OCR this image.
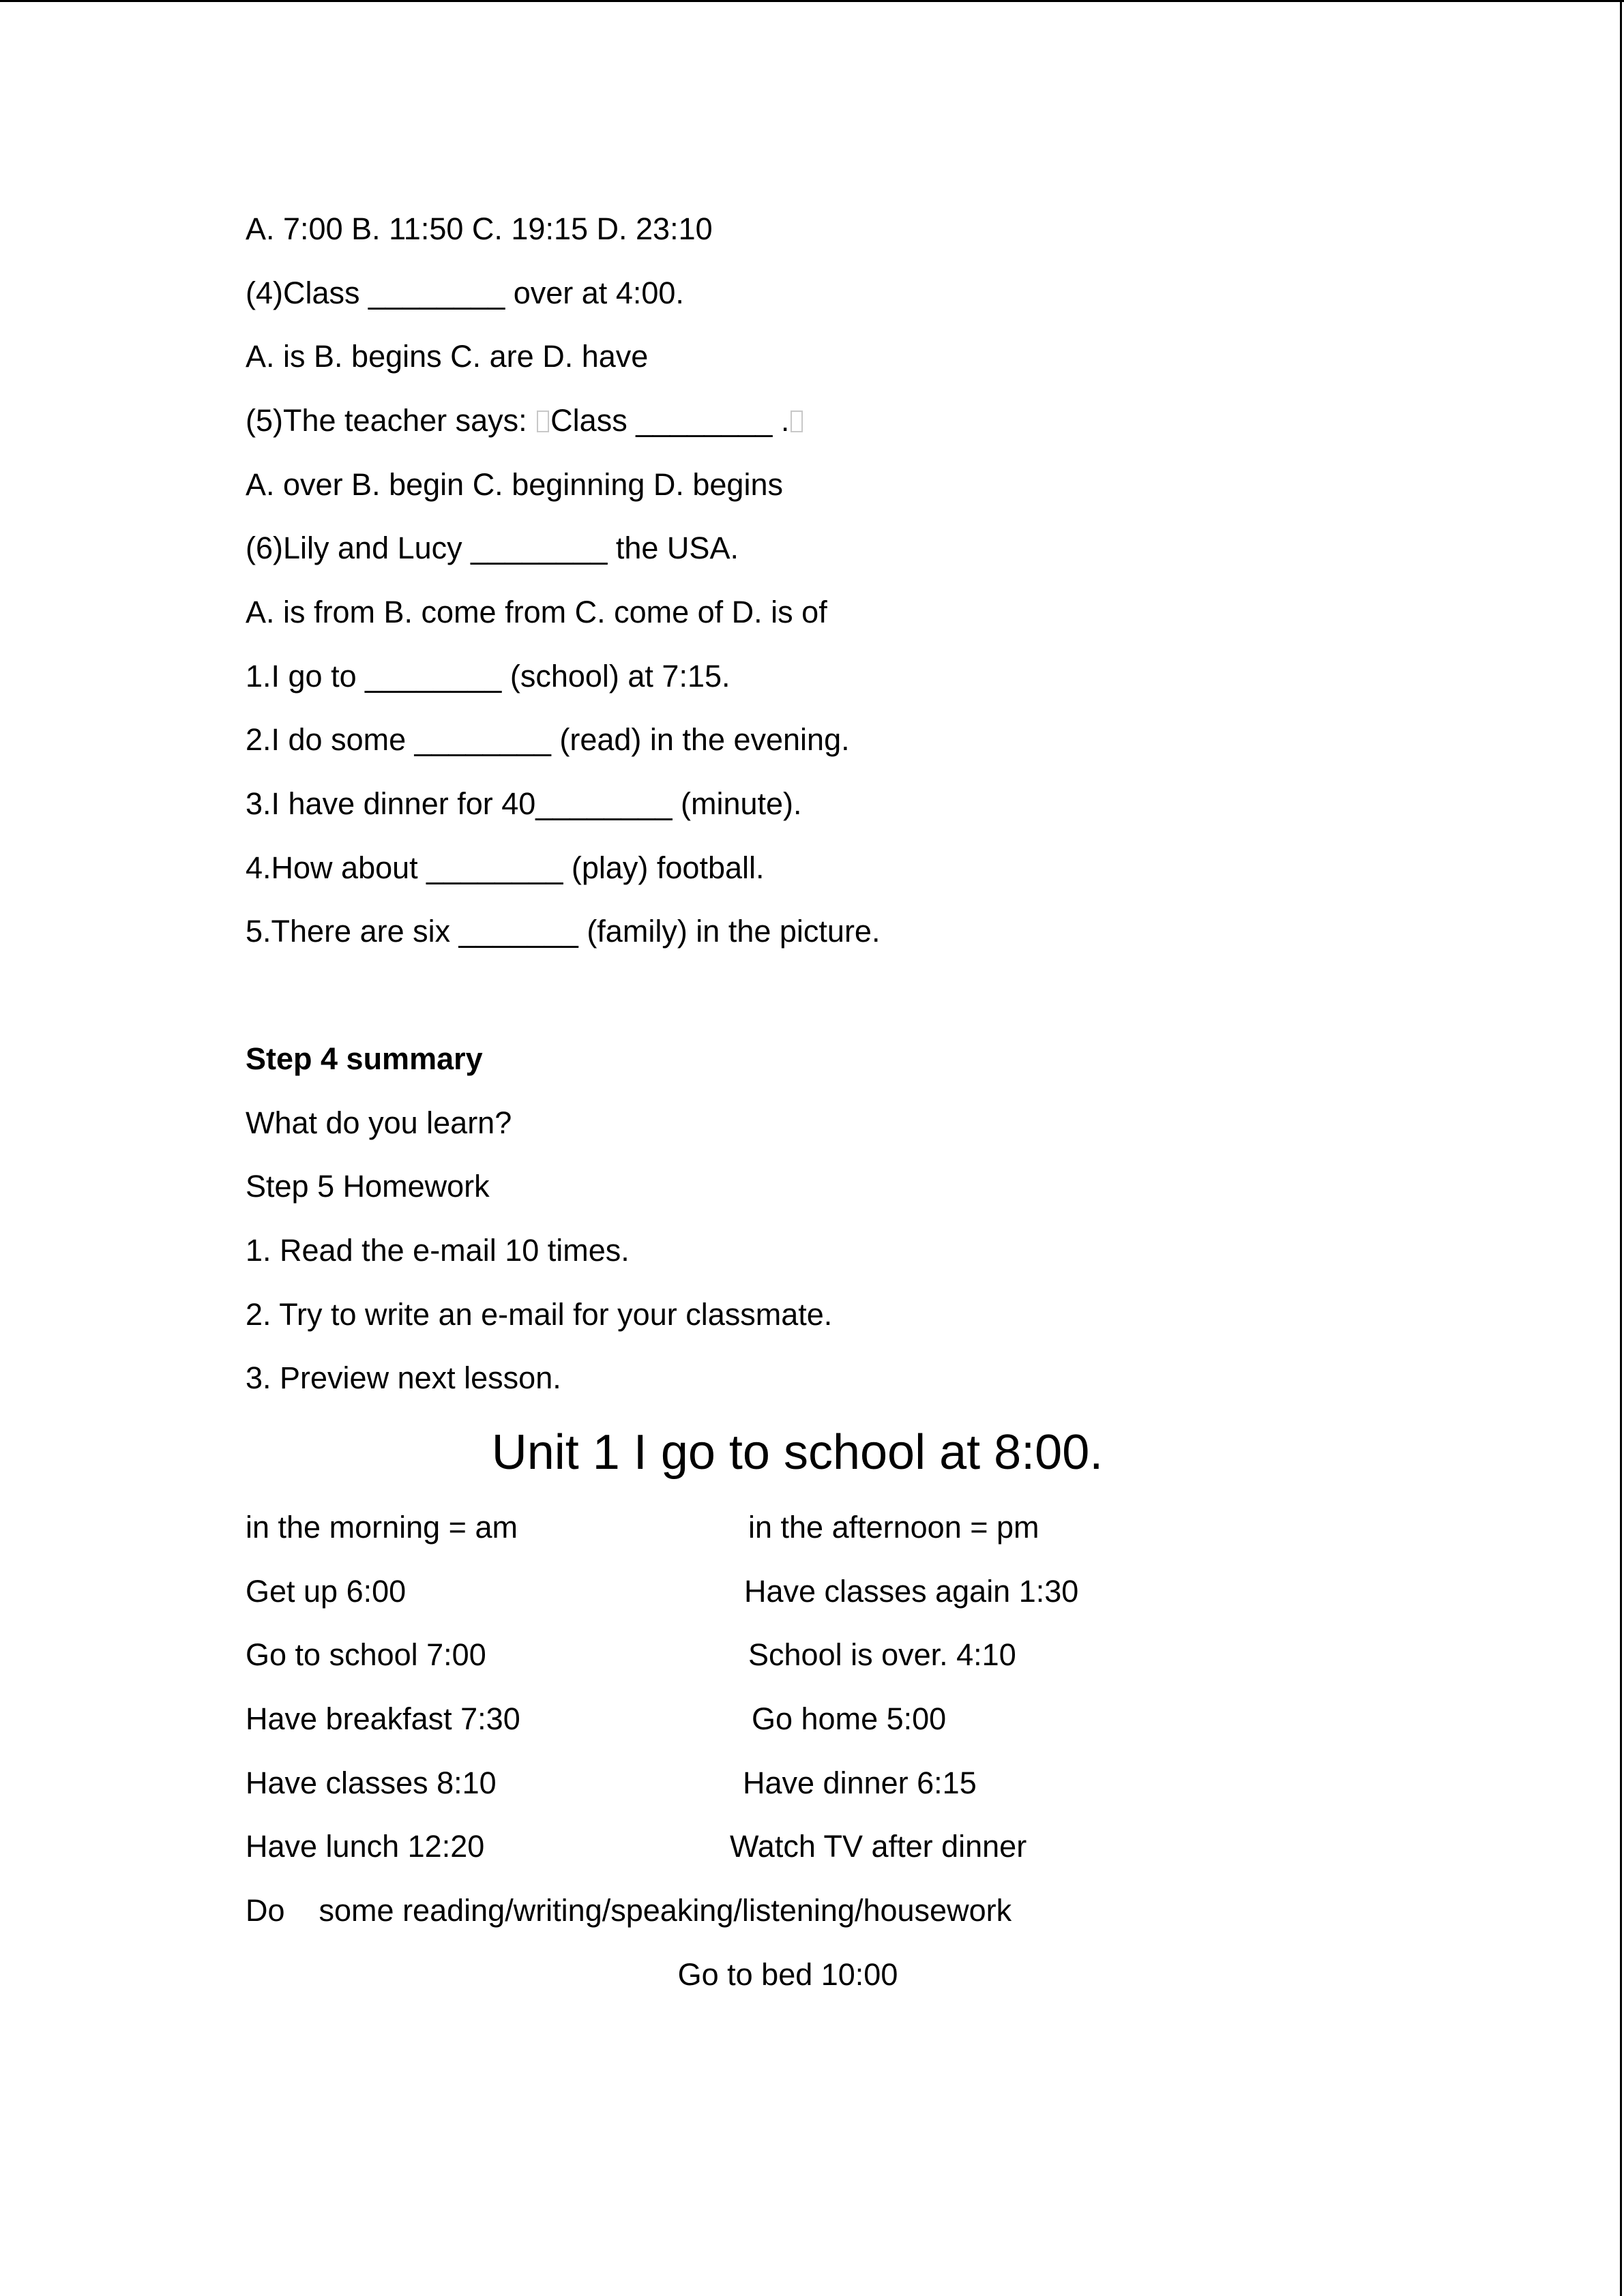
A. 7:00 B. 11:50 C. 19:15 D. 23:10
(4)Class ________ over at 4:00.
A. is B. begins C. are D. have
(5)The teacher says: Class ________ .
A. over B. begin C. beginning D. begins
(6)Lily and Lucy ________ the USA.
A. is from B. come from C. come of D. is of
1.I go to ________ (school) at 7:15.
2.I do some ________ (read) in the evening.
3.I have dinner for 40________ (minute).
4.How about ________ (play) football.
5.There are six _______ (family) in the picture.
Step 4 summary
What do you learn?
Step 5 Homework
1. Read the e-mail 10 times.
2. Try to write an e-mail for your classmate.
3. Preview next lesson.
Unit 1 I go to school at 8:00.
in the morning = am	in the afternoon = pm
Get up 6:00	Have classes again 1:30
Go to school 7:00	School is over. 4:10
Have breakfast 7:30	Go home 5:00
Have classes 8:10	Have dinner 6:15
Have lunch 12:20	Watch TV after dinner
Do    some reading/writing/speaking/listening/housework
Go to bed 10:00
